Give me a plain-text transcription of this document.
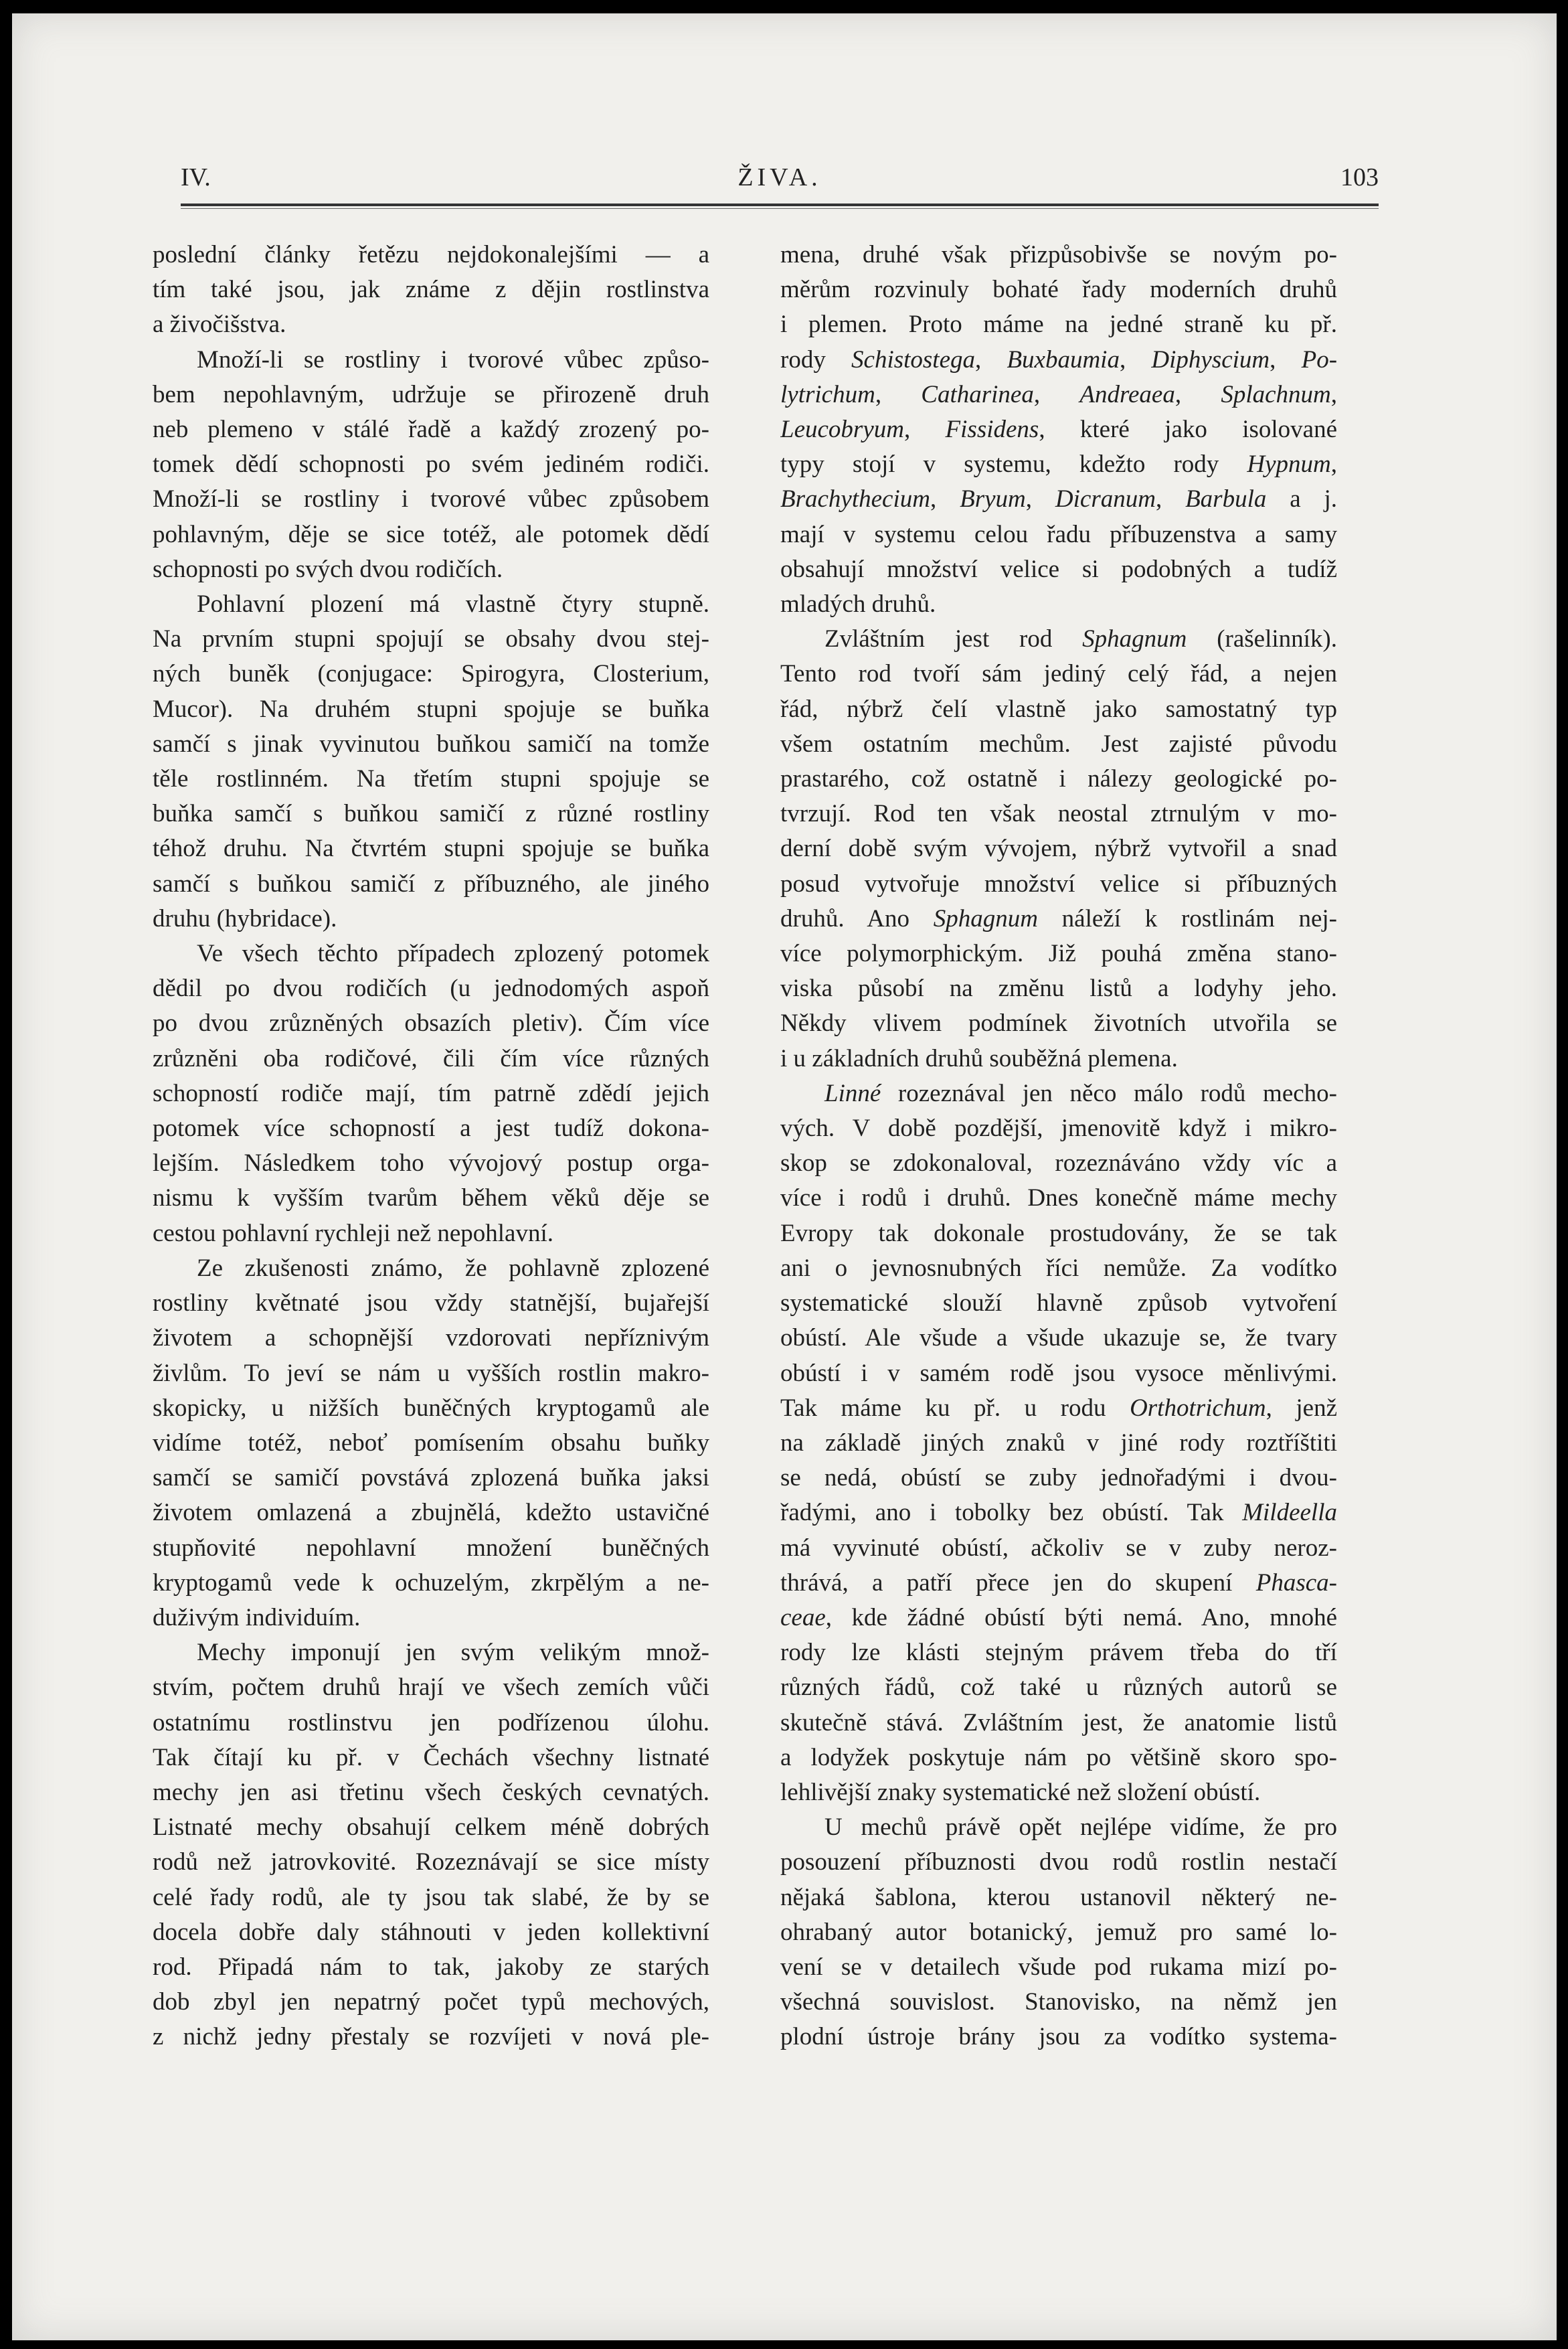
IV.	ŽIVA.	103
poslední články řetězu nejdokonalejšími — a
tím také jsou, jak známe z dějin rostlinstva
a živočišstva.
Množí-li se rostliny i tvorové vůbec způso-
bem nepohlavným, udržuje se přirozeně druh
neb plemeno v stálé řadě a každý zrozený po-
tomek dědí schopnosti po svém jediném rodiči.
Množí-li se rostliny i tvorové vůbec způsobem
pohlavným, děje se sice totéž, ale potomek dědí
schopnosti po svých dvou rodičích.
Pohlavní plození má vlastně čtyry stupně.
Na prvním stupni spojují se obsahy dvou stej-
ných buněk (conjugace: Spirogyra, Closterium,
Mucor). Na druhém stupni spojuje se buňka
samčí s jinak vyvinutou buňkou samičí na tomže
těle rostlinném. Na třetím stupni spojuje se
buňka samčí s buňkou samičí z různé rostliny
téhož druhu. Na čtvrtém stupni spojuje se buňka
samčí s buňkou samičí z příbuzného, ale jiného
druhu (hybridace).
Ve všech těchto případech zplozený potomek
dědil po dvou rodičích (u jednodomých aspoň
po dvou zrůzněných obsazích pletiv). Čím více
zrůzněni oba rodičové, čili čím více různých
schopností rodiče mají, tím patrně zdědí jejich
potomek více schopností a jest tudíž dokona-
lejším. Následkem toho vývojový postup orga-
nismu k vyšším tvarům během věků děje se
cestou pohlavní rychleji než nepohlavní.
Ze zkušenosti známo, že pohlavně zplozené
rostliny květnaté jsou vždy statnější, bujařejší
životem a schopnější vzdorovati nepříznivým
živlům. To jeví se nám u vyšších rostlin makro-
skopicky, u nižších buněčných kryptogamů ale
vidíme totéž, neboť pomísením obsahu buňky
samčí se samičí povstává zplozená buňka jaksi
životem omlazená a zbujnělá, kdežto ustavičné
stupňovité nepohlavní množení buněčných
kryptogamů vede k ochuzelým, zkrpělým a ne-
duživým individuím.
Mechy imponují jen svým velikým množ-
stvím, počtem druhů hrají ve všech zemích vůči
ostatnímu rostlinstvu jen podřízenou úlohu.
Tak čítají ku př. v Čechách všechny listnaté
mechy jen asi třetinu všech českých cevnatých.
Listnaté mechy obsahují celkem méně dobrých
rodů než jatrovkovité. Rozeznávají se sice místy
celé řady rodů, ale ty jsou tak slabé, že by se
docela dobře daly stáhnouti v jeden kollektivní
rod. Připadá nám to tak, jakoby ze starých
dob zbyl jen nepatrný počet typů mechových,
z nichž jedny přestaly se rozvíjeti v nová ple-
mena, druhé však přizpůsobivše se novým po-
měrům rozvinuly bohaté řady moderních druhů
i plemen. Proto máme na jedné straně ku př.
rody Schistostega, Buxbaumia, Diphyscium, Po-
lytrichum, Catharinea, Andreaea, Splachnum,
Leucobryum, Fissidens, které jako isolované
typy stojí v systemu, kdežto rody Hypnum,
Brachythecium, Bryum, Dicranum, Barbula a j.
mají v systemu celou řadu příbuzenstva a samy
obsahují množství velice si podobných a tudíž
mladých druhů.
Zvláštním jest rod Sphagnum (rašelinník).
Tento rod tvoří sám jediný celý řád, a nejen
řád, nýbrž čelí vlastně jako samostatný typ
všem ostatním mechům. Jest zajisté původu
prastarého, což ostatně i nálezy geologické po-
tvrzují. Rod ten však neostal ztrnulým v mo-
derní době svým vývojem, nýbrž vytvořil a snad
posud vytvořuje množství velice si příbuzných
druhů. Ano Sphagnum náleží k rostlinám nej-
více polymorphickým. Již pouhá změna stano-
viska působí na změnu listů a lodyhy jeho.
Někdy vlivem podmínek životních utvořila se
i u základních druhů souběžná plemena.
Linné rozeznával jen něco málo rodů mecho-
vých. V době pozdější, jmenovitě když i mikro-
skop se zdokonaloval, rozeznáváno vždy víc a
více i rodů i druhů. Dnes konečně máme mechy
Evropy tak dokonale prostudovány, že se tak
ani o jevnosnubných říci nemůže. Za vodítko
systematické slouží hlavně způsob vytvoření
obústí. Ale všude a všude ukazuje se, že tvary
obústí i v samém rodě jsou vysoce měnlivými.
Tak máme ku př. u rodu Orthotrichum, jenž
na základě jiných znaků v jiné rody roztříštiti
se nedá, obústí se zuby jednořadými i dvou-
řadými, ano i tobolky bez obústí. Tak Mildeella
má vyvinuté obústí, ačkoliv se v zuby neroz-
thrává, a patří přece jen do skupení Phasca-
ceae, kde žádné obústí býti nemá. Ano, mnohé
rody lze klásti stejným právem třeba do tří
různých řádů, což také u různých autorů se
skutečně stává. Zvláštním jest, že anatomie listů
a lodyžek poskytuje nám po většině skoro spo-
lehlivější znaky systematické než složení obústí.
U mechů právě opět nejlépe vidíme, že pro
posouzení příbuznosti dvou rodů rostlin nestačí
nějaká šablona, kterou ustanovil některý ne-
ohrabaný autor botanický, jemuž pro samé lo-
vení se v detailech všude pod rukama mizí po-
všechná souvislost. Stanovisko, na němž jen
plodní ústroje brány jsou za vodítko systema-
